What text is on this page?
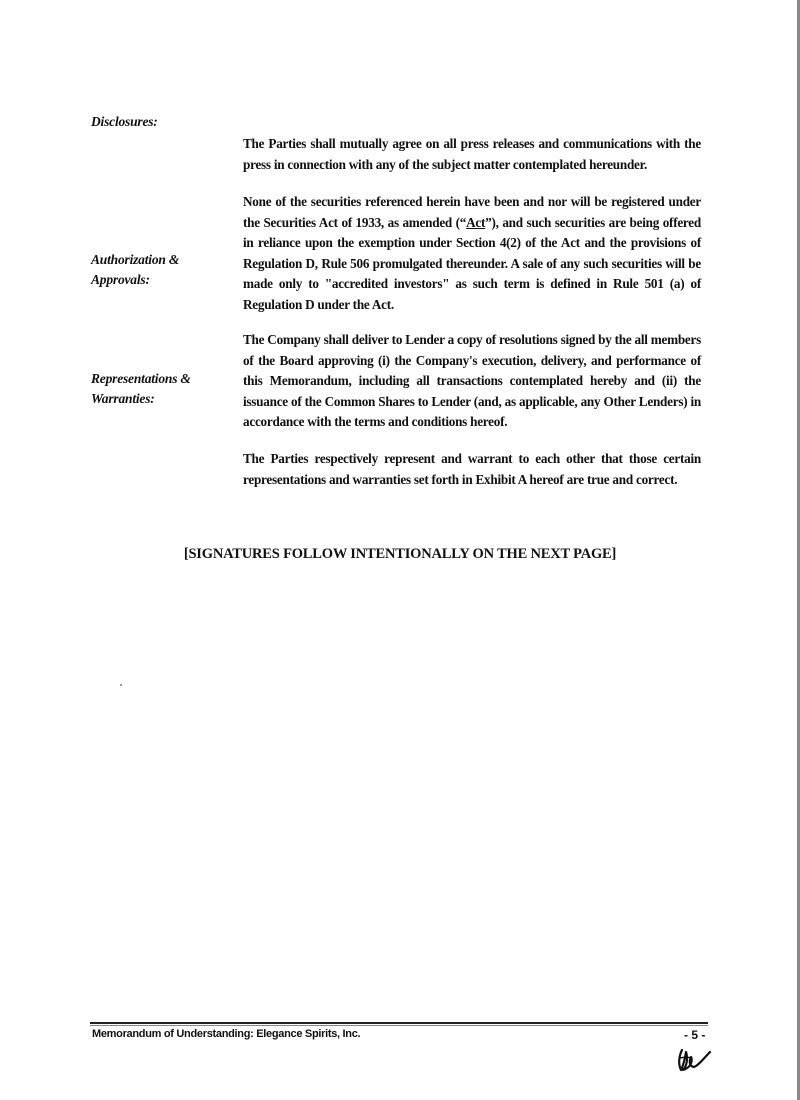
Disclosures:
Authorization &
Approvals:
Representations &
Warranties:
The Parties shall mutually agree on all press releases and communications with the press in connection with any of the subject matter contemplated hereunder.
None of the securities referenced herein have been and nor will be registered under the Securities Act of 1933, as amended (“Act”), and such securities are being offered in reliance upon the exemption under Section 4(2) of the Act and the provisions of Regulation D, Rule 506 promulgated thereunder. A sale of any such securities will be made only to "accredited investors" as such term is defined in Rule 501 (a) of Regulation D under the Act.
The Company shall deliver to Lender a copy of resolutions signed by the all members of the Board approving (i) the Company's execution, delivery, and performance of this Memorandum, including all transactions contemplated hereby and (ii) the issuance of the Common Shares to Lender (and, as applicable, any Other Lenders) in accordance with the terms and conditions hereof.
The Parties respectively represent and warrant to each other that those certain representations and warranties set forth in Exhibit A hereof are true and correct.
[SIGNATURES FOLLOW INTENTIONALLY ON THE NEXT PAGE]
Memorandum of Understanding: Elegance Spirits, Inc.	- 5 -
